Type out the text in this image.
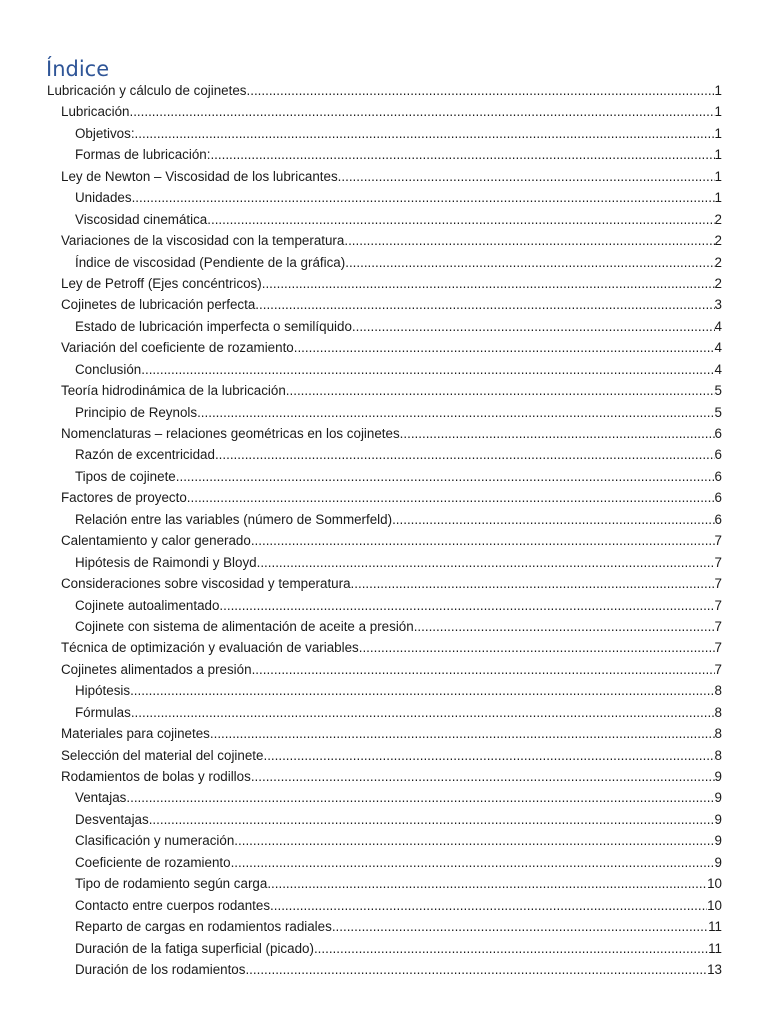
Índice
Lubricación y cálculo de cojinetes .....	1
Lubricación .....	1
Objetivos: .....	1
Formas de lubricación: .....	1
Ley de Newton – Viscosidad de los lubricantes .....	1
Unidades .....	1
Viscosidad cinemática .....	2
Variaciones de la viscosidad con la temperatura .....	2
Índice de viscosidad (Pendiente de la gráfica) .....	2
Ley de Petroff (Ejes concéntricos) .....	2
Cojinetes de lubricación perfecta .....	3
Estado de lubricación imperfecta o semilíquido .....	4
Variación del coeficiente de rozamiento .....	4
Conclusión .....	4
Teoría hidrodinámica de la lubricación .....	5
Principio de Reynols .....	5
Nomenclaturas – relaciones geométricas en los cojinetes .....	6
Razón de excentricidad .....	6
Tipos de cojinete .....	6
Factores de proyecto .....	6
Relación entre las variables (número de Sommerfeld) .....	6
Calentamiento y calor generado .....	7
Hipótesis de Raimondi y Bloyd .....	7
Consideraciones sobre viscosidad y temperatura .....	7
Cojinete autoalimentado .....	7
Cojinete con sistema de alimentación de aceite a presión .....	7
Técnica de optimización y evaluación de variables .....	7
Cojinetes alimentados a presión .....	7
Hipótesis .....	8
Fórmulas .....	8
Materiales para cojinetes .....	8
Selección del material del cojinete .....	8
Rodamientos de bolas y rodillos .....	9
Ventajas .....	9
Desventajas .....	9
Clasificación y numeración .....	9
Coeficiente de rozamiento .....	9
Tipo de rodamiento según carga .....	10
Contacto entre cuerpos rodantes .....	10
Reparto de cargas en rodamientos radiales .....	11
Duración de la fatiga superficial (picado) .....	11
Duración de los rodamientos .....	13
